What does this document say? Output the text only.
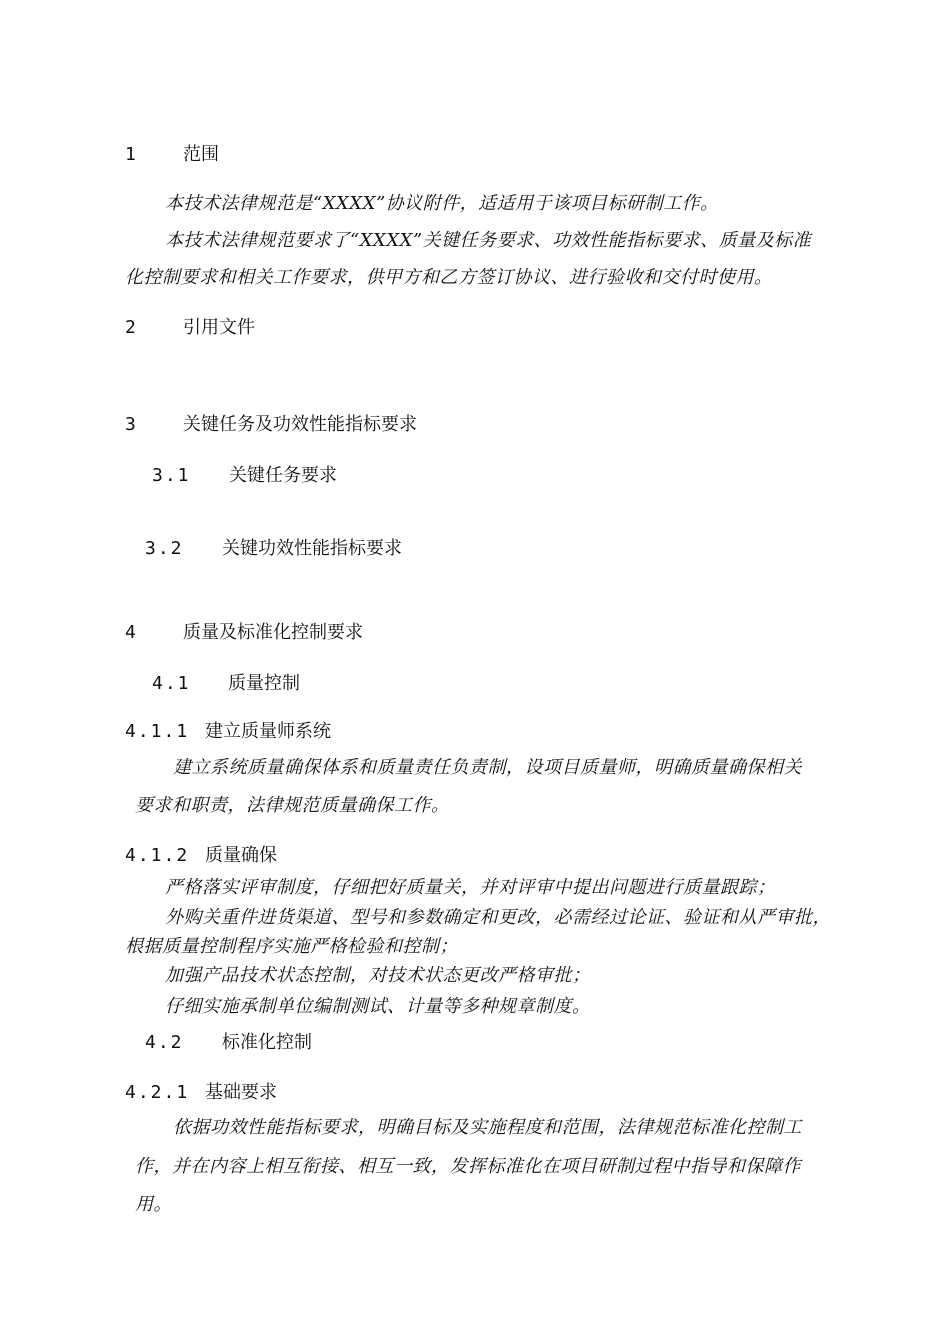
1	范围
本技术法律规范是“XXXX”协议附件，适适用于该项目标研制工作。
本技术法律规范要求了“XXXX”关键任务要求、功效性能指标要求、质量及标准
化控制要求和相关工作要求，供甲方和乙方签订协议、进行验收和交付时使用。
2	引用文件
3	关键任务及功效性能指标要求
3.1 关键任务要求
3.2 关键功效性能指标要求
4	质量及标准化控制要求
4.1 质量控制
4.1.1 建立质量师系统
建立系统质量确保体系和质量责任负责制，设项目质量师，明确质量确保相关
要求和职责，法律规范质量确保工作。
4.1.2 质量确保
严格落实评审制度，仔细把好质量关，并对评审中提出问题进行质量跟踪；
外购关重件进货渠道、型号和参数确定和更改，必需经过论证、验证和从严审批，
根据质量控制程序实施严格检验和控制；
加强产品技术状态控制，对技术状态更改严格审批；
仔细实施承制单位编制测试、计量等多种规章制度。
4.2 标准化控制
4.2.1 基础要求
依据功效性能指标要求，明确目标及实施程度和范围，法律规范标准化控制工
作，并在内容上相互衔接、相互一致，发挥标准化在项目研制过程中指导和保障作
用。
